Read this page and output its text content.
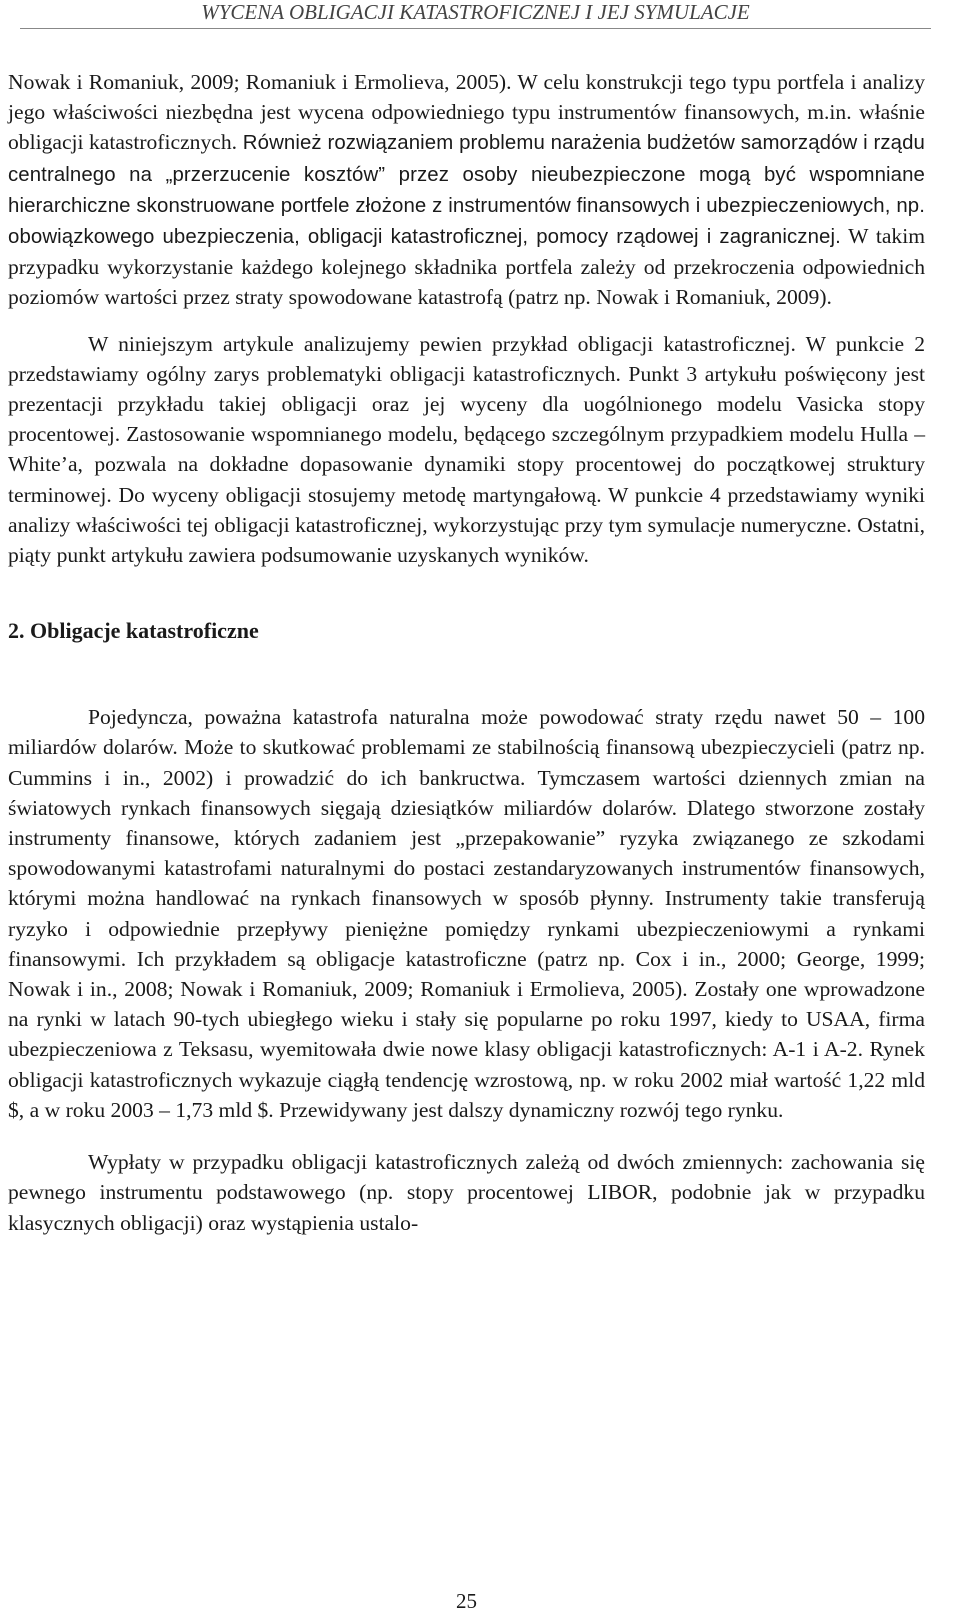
WYCENA OBLIGACJI KATASTROFICZNEJ I JEJ SYMULACJE

Nowak i Romaniuk, 2009; Romaniuk i Ermolieva, 2005). W celu konstrukcji tego typu portfela i analizy jego właściwości niezbędna jest wycena odpowiedniego typu instrumentów finansowych, m.in. właśnie obligacji katastroficznych. Również rozwiązaniem problemu narażenia budżetów samorządów i rządu centralnego na „przerzucenie kosztów” przez osoby nieubezpieczone mogą być wspomniane hierarchiczne skonstruowane portfele złożone z instrumentów finansowych i ubezpieczeniowych, np. obowiązkowego ubezpieczenia, obligacji katastroficznej, pomocy rządowej i zagranicznej. W takim przypadku wykorzystanie każdego kolejnego składnika portfela zależy od przekroczenia odpowiednich poziomów wartości przez straty spowodowane katastrofą (patrz np. Nowak i Romaniuk, 2009).

W niniejszym artykule analizujemy pewien przykład obligacji katastroficznej. W punkcie 2 przedstawiamy ogólny zarys problematyki obligacji katastroficznych. Punkt 3 artykułu poświęcony jest prezentacji przykładu takiej obligacji oraz jej wyceny dla uogólnionego modelu Vasicka stopy procentowej. Zastosowanie wspomnianego modelu, będącego szczególnym przypadkiem modelu Hulla – White’a, pozwala na dokładne dopasowanie dynamiki stopy procentowej do początkowej struktury terminowej. Do wyceny obligacji stosujemy metodę martyngałową. W punkcie 4 przedstawiamy wyniki analizy właściwości tej obligacji katastroficznej, wykorzystując przy tym symulacje numeryczne. Ostatni, piąty punkt artykułu zawiera podsumowanie uzyskanych wyników.

2. Obligacje katastroficzne

Pojedyncza, poważna katastrofa naturalna może powodować straty rzędu nawet 50 – 100 miliardów dolarów. Może to skutkować problemami ze stabilnością finansową ubezpieczycieli (patrz np. Cummins i in., 2002) i prowadzić do ich bankructwa. Tymczasem wartości dziennych zmian na światowych rynkach finansowych sięgają dziesiątków miliardów dolarów. Dlatego stworzone zostały instrumenty finansowe, których zadaniem jest „przepakowanie” ryzyka związanego ze szkodami spowodowanymi katastrofami naturalnymi do postaci zestandaryzowanych instrumentów finansowych, którymi można handlować na rynkach finansowych w sposób płynny. Instrumenty takie transferują ryzyko i odpowiednie przepływy pieniężne pomiędzy rynkami ubezpieczeniowymi a rynkami finansowymi. Ich przykładem są obligacje katastroficzne (patrz np. Cox i in., 2000; George, 1999; Nowak i in., 2008; Nowak i Romaniuk, 2009; Romaniuk i Ermolieva, 2005). Zostały one wprowadzone na rynki w latach 90-tych ubiegłego wieku i stały się popularne po roku 1997, kiedy to USAA, firma ubezpieczeniowa z Teksasu, wyemitowała dwie nowe klasy obligacji katastroficznych: A-1 i A-2. Rynek obligacji katastroficznych wykazuje ciągłą tendencję wzrostową, np. w roku 2002 miał wartość 1,22 mld $, a w roku 2003 – 1,73 mld $. Przewidywany jest dalszy dynamiczny rozwój tego rynku.

Wypłaty w przypadku obligacji katastroficznych zależą od dwóch zmiennych: zachowania się pewnego instrumentu podstawowego (np. stopy procentowej LIBOR, podobnie jak w przypadku klasycznych obligacji) oraz wystąpienia ustalo-

25
